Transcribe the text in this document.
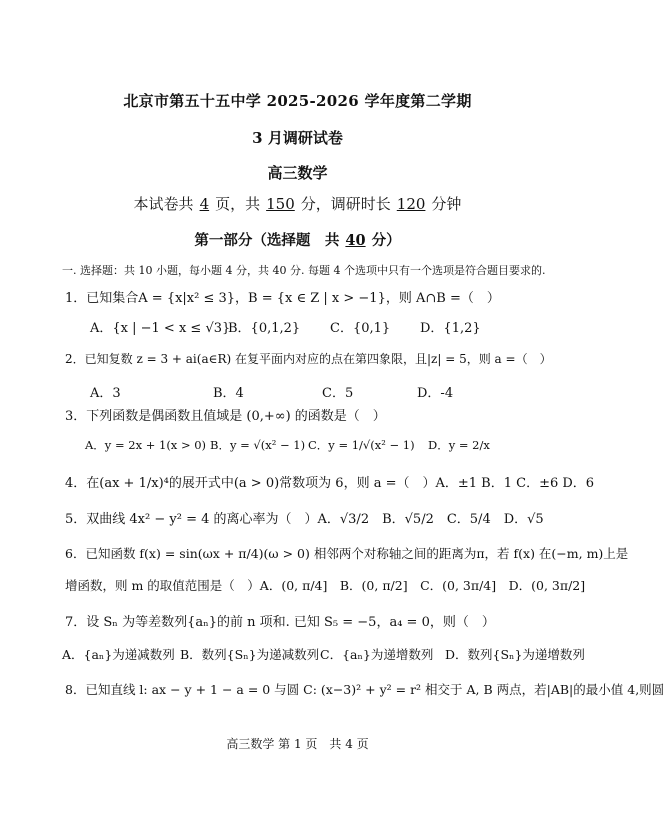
北京市第五十五中学 2025-2026 学年度第二学期
3 月调研试卷
高三数学
本试卷共 4 页，共 150 分，调研时长 120 分钟
第一部分（选择题　共 40 分）
一. 选择题：共 10 小题，每小题 4 分，共 40 分. 每题 4 个选项中只有一个选项是符合题目要求的.
1．已知集合A = {x|x² ≤ 3}，B = {x ∈ Z | x > −1}，则 A∩B =（　）
A．{x | −1 < x ≤ √3}
B．{0,1,2} C．{0,1} D．{1,2}
2．已知复数 z = 3 + ai(a∈R) 在复平面内对应的点在第四象限，且|z| = 5，则 a =（　）
A．3	B．4	C．5	D．-4
3．下列函数是偶函数且值域是 (0,+∞) 的函数是（　）
A．y = 2x + 1(x > 0) B．y = √(x² − 1) C．y = 1/√(x² − 1) D．y = 2/x
4．在(ax + 1/x)⁴的展开式中(a > 0)常数项为 6，则 a =（　）A．±1 B．1 C．±6 D．6
5．双曲线 4x² − y² = 4 的离心率为（　）A．√3/2　B．√5/2　C．5/4　D．√5
6．已知函数 f(x) = sin(ωx + π/4)(ω > 0) 相邻两个对称轴之间的距离为π，若 f(x) 在(−m, m)上是
增函数，则 m 的取值范围是（　）A．(0, π/4]　B．(0, π/2]　C．(0, 3π/4]　D．(0, 3π/2]
7．设 Sₙ 为等差数列{aₙ}的前 n 项和. 已知 S₅ = −5，a₄ = 0，则（　）
A．{aₙ}为递减数列 B．数列{Sₙ}为递减数列 C．{aₙ}为递增数列 D．数列{Sₙ}为递增数列
8．已知直线 l: ax − y + 1 − a = 0 与圆 C: (x−3)² + y² = r² 相交于 A, B 两点，若|AB|的最小值 4,则圆
高三数学 第 1 页　共 4 页
